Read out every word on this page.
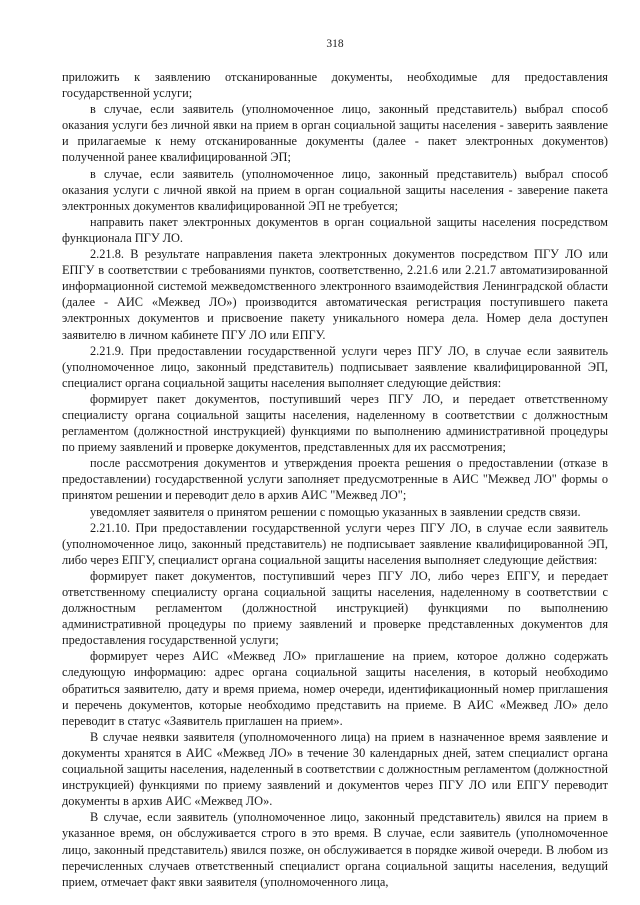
318

приложить к заявлению отсканированные документы, необходимые для предоставления государственной услуги;

в случае, если заявитель (уполномоченное лицо, законный представитель) выбрал способ оказания услуги без личной явки на прием в орган социальной защиты населения - заверить заявление и прилагаемые к нему отсканированные документы (далее - пакет электронных документов) полученной ранее квалифицированной ЭП;

в случае, если заявитель (уполномоченное лицо, законный представитель) выбрал способ оказания услуги с личной явкой на прием в орган социальной защиты населения - заверение пакета электронных документов квалифицированной ЭП не требуется;

направить пакет электронных документов в орган социальной защиты населения посредством функционала ПГУ ЛО.

2.21.8. В результате направления пакета электронных документов посредством ПГУ ЛО или ЕПГУ в соответствии с требованиями пунктов, соответственно, 2.21.6 или 2.21.7 автоматизированной информационной системой межведомственного электронного взаимодействия Ленинградской области (далее - АИС «Межвед ЛО») производится автоматическая регистрация поступившего пакета электронных документов и присвоение пакету уникального номера дела. Номер дела доступен заявителю в личном кабинете ПГУ ЛО или ЕПГУ.

2.21.9. При предоставлении государственной услуги через ПГУ ЛО, в случае если заявитель (уполномоченное лицо, законный представитель) подписывает заявление квалифицированной ЭП, специалист органа социальной защиты населения выполняет следующие действия:

формирует пакет документов, поступивший через ПГУ ЛО, и передает ответственному специалисту органа социальной защиты населения, наделенному в соответствии с должностным регламентом (должностной инструкцией) функциями по выполнению административной процедуры по приему заявлений и проверке документов, представленных для их рассмотрения;

после рассмотрения документов и утверждения проекта решения о предоставлении (отказе в предоставлении) государственной услуги заполняет предусмотренные в АИС "Межвед ЛО" формы о принятом решении и переводит дело в архив АИС "Межвед ЛО";

уведомляет заявителя о принятом решении с помощью указанных в заявлении средств связи.

2.21.10. При предоставлении государственной услуги через ПГУ ЛО, в случае если заявитель (уполномоченное лицо, законный представитель) не подписывает заявление квалифицированной ЭП, либо через ЕПГУ, специалист органа социальной защиты населения выполняет следующие действия:

формирует пакет документов, поступивший через ПГУ ЛО, либо через ЕПГУ, и передает ответственному специалисту органа социальной защиты населения, наделенному в соответствии с должностным регламентом (должностной инструкцией) функциями по выполнению административной процедуры по приему заявлений и проверке представленных документов для предоставления государственной услуги;

формирует через АИС «Межвед ЛО» приглашение на прием, которое должно содержать следующую информацию: адрес органа социальной защиты населения, в который необходимо обратиться заявителю, дату и время приема, номер очереди, идентификационный номер приглашения и перечень документов, которые необходимо представить на приеме. В АИС «Межвед ЛО» дело переводит в статус «Заявитель приглашен на прием».

В случае неявки заявителя (уполномоченного лица) на прием в назначенное время заявление и документы хранятся в АИС «Межвед ЛО» в течение 30 календарных дней, затем специалист органа социальной защиты населения, наделенный в соответствии с должностным регламентом (должностной инструкцией) функциями по приему заявлений и документов через ПГУ ЛО или ЕПГУ переводит документы в архив АИС «Межвед ЛО».

В случае, если заявитель (уполномоченное лицо, законный представитель) явился на прием в указанное время, он обслуживается строго в это время. В случае, если заявитель (уполномоченное лицо, законный представитель) явился позже, он обслуживается в порядке живой очереди. В любом из перечисленных случаев ответственный специалист органа социальной защиты населения, ведущий прием, отмечает факт явки заявителя (уполномоченного лица,
